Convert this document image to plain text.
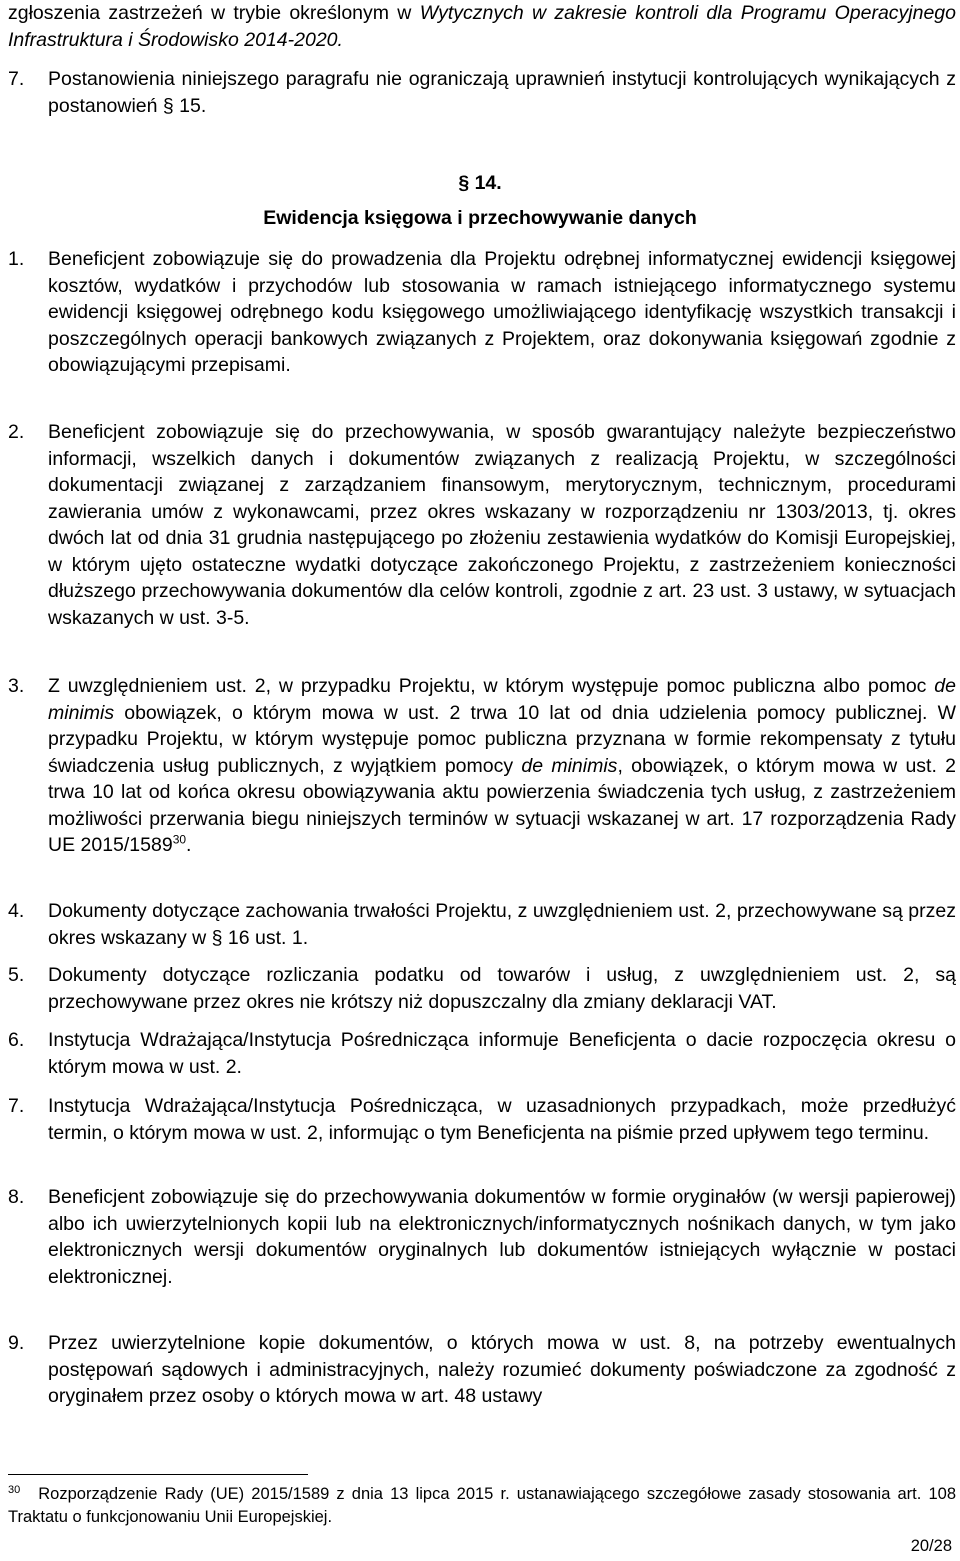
zgłoszenia zastrzeżeń w trybie określonym w Wytycznych w zakresie kontroli dla Programu Operacyjnego Infrastruktura i Środowisko 2014-2020.
7.	Postanowienia niniejszego paragrafu nie ograniczają uprawnień instytucji kontrolujących wynikających z postanowień § 15.
§ 14.
Ewidencja księgowa i przechowywanie danych
1.	Beneficjent zobowiązuje się do prowadzenia dla Projektu odrębnej informatycznej ewidencji księgowej kosztów, wydatków i przychodów lub stosowania w ramach istniejącego informatycznego systemu ewidencji księgowej odrębnego kodu księgowego umożliwiającego identyfikację wszystkich transakcji i poszczególnych operacji bankowych związanych z Projektem, oraz dokonywania księgowań zgodnie z obowiązującymi przepisami.
2.	Beneficjent zobowiązuje się do przechowywania, w sposób gwarantujący należyte bezpieczeństwo informacji, wszelkich danych i dokumentów związanych z realizacją Projektu, w szczególności dokumentacji związanej z zarządzaniem finansowym, merytorycznym, technicznym, procedurami zawierania umów z wykonawcami, przez okres wskazany w rozporządzeniu nr 1303/2013, tj. okres dwóch lat od dnia 31 grudnia następującego po złożeniu zestawienia wydatków do Komisji Europejskiej, w którym ujęto ostateczne wydatki dotyczące zakończonego Projektu, z zastrzeżeniem konieczności dłuższego przechowywania dokumentów dla celów kontroli, zgodnie z art. 23 ust. 3 ustawy, w sytuacjach wskazanych w ust. 3-5.
3.	Z uwzględnieniem ust. 2, w przypadku Projektu, w którym występuje pomoc publiczna albo pomoc de minimis obowiązek, o którym mowa w ust. 2 trwa 10 lat od dnia udzielenia pomocy publicznej. W przypadku Projektu, w którym występuje pomoc publiczna przyznana w formie rekompensaty z tytułu świadczenia usług publicznych, z wyjątkiem pomocy de minimis, obowiązek, o którym mowa w ust. 2 trwa 10 lat od końca okresu obowiązywania aktu powierzenia świadczenia tych usług, z zastrzeżeniem możliwości przerwania biegu niniejszych terminów w sytuacji wskazanej w art. 17 rozporządzenia Rady UE 2015/1589$^{30}$.
4.	Dokumenty dotyczące zachowania trwałości Projektu, z uwzględnieniem ust. 2, przechowywane są przez okres wskazany w § 16 ust. 1.
5.	Dokumenty dotyczące rozliczania podatku od towarów i usług, z uwzględnieniem ust. 2, są przechowywane przez okres nie krótszy niż dopuszczalny dla zmiany deklaracji VAT.
6.	Instytucja Wdrażająca/Instytucja Pośrednicząca informuje Beneficjenta o dacie rozpoczęcia okresu o którym mowa w ust. 2.
7.	Instytucja Wdrażająca/Instytucja Pośrednicząca, w uzasadnionych przypadkach, może przedłużyć termin, o którym mowa w ust. 2, informując o tym Beneficjenta na piśmie przed upływem tego terminu.
8.	Beneficjent zobowiązuje się do przechowywania dokumentów w formie oryginałów (w wersji papierowej) albo ich uwierzytelnionych kopii lub na elektronicznych/informatycznych nośnikach danych, w tym jako elektronicznych wersji dokumentów oryginalnych lub dokumentów istniejących wyłącznie w postaci elektronicznej.
9.	Przez uwierzytelnione kopie dokumentów, o których mowa w ust. 8, na potrzeby ewentualnych postępowań sądowych i administracyjnych, należy rozumieć dokumenty poświadczone za zgodność z oryginałem przez osoby o których mowa w art. 48 ustawy
$^{30}$ Rozporządzenie Rady (UE) 2015/1589 z dnia 13 lipca 2015 r. ustanawiającego szczegółowe zasady stosowania art. 108 Traktatu o funkcjonowaniu Unii Europejskiej.
20/28
